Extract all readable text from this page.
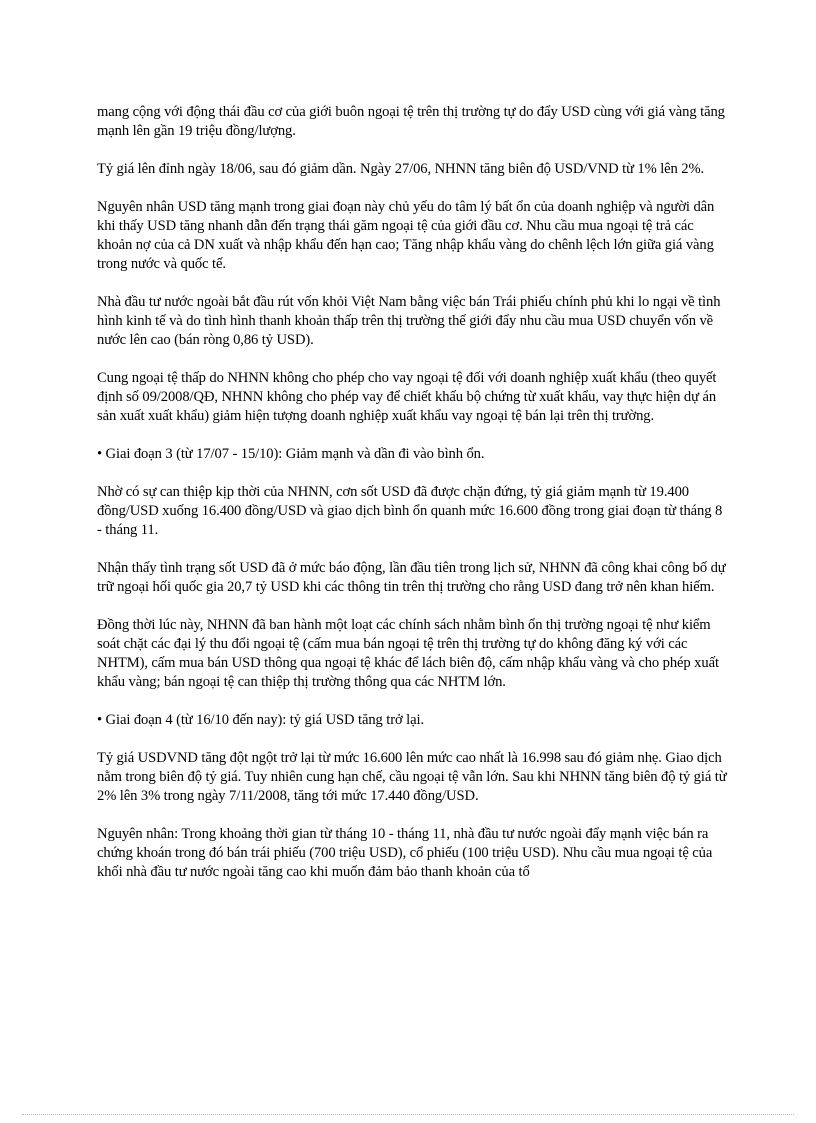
mang cộng với động thái đầu cơ của giới buôn ngoại tệ trên thị trường tự do đẩy USD cùng với giá vàng tăng mạnh lên gần 19 triệu đồng/lượng.

Tỷ giá lên đỉnh ngày 18/06, sau đó giảm dần. Ngày 27/06, NHNN tăng biên độ USD/VND từ 1% lên 2%.

Nguyên nhân USD tăng mạnh trong giai đoạn này chủ yếu do tâm lý bất ổn của doanh nghiệp và người dân khi thấy USD tăng nhanh dẫn đến trạng thái găm ngoại tệ của giới đầu cơ. Nhu cầu mua ngoại tệ trả các khoản nợ của cả DN xuất và nhập khẩu đến hạn cao; Tăng nhập khẩu vàng do chênh lệch lớn giữa giá vàng trong nước và quốc tế.

Nhà đầu tư nước ngoài bắt đầu rút vốn khỏi Việt Nam bằng việc bán Trái phiếu chính phủ khi lo ngại về tình hình kinh tế và do tình hình thanh khoản thấp trên thị trường thế giới đẩy nhu cầu mua USD chuyển vốn về nước lên cao (bán ròng 0,86 tỷ USD).

Cung ngoại tệ thấp do NHNN không cho phép cho vay ngoại tệ đối với doanh nghiệp xuất khẩu (theo quyết định số 09/2008/QĐ, NHNN không cho phép vay để chiết khấu bộ chứng từ xuất khẩu, vay thực hiện dự án sản xuất xuất khẩu) giảm hiện tượng doanh nghiệp xuất khẩu vay ngoại tệ bán lại trên thị trường.

• Giai đoạn 3 (từ 17/07 - 15/10): Giảm mạnh và dần đi vào bình ổn.

Nhờ có sự can thiệp kịp thời của NHNN, cơn sốt USD đã được chặn đứng, tỷ giá giảm mạnh từ 19.400 đồng/USD xuống 16.400 đồng/USD và giao dịch bình ổn quanh mức 16.600 đồng trong giai đoạn từ tháng 8 - tháng 11.

Nhận thấy tình trạng sốt USD đã ở mức báo động, lần đầu tiên trong lịch sử, NHNN đã công khai công bố dự trữ ngoại hối quốc gia 20,7 tỷ USD khi các thông tin trên thị trường cho rằng USD đang trở nên khan hiếm.

Đồng thời lúc này, NHNN đã ban hành một loạt các chính sách nhằm bình ổn thị trường ngoại tệ như kiểm soát chặt các đại lý thu đổi ngoại tệ (cấm mua bán ngoại tệ trên thị trường tự do không đăng ký với các NHTM), cấm mua bán USD thông qua ngoại tệ khác để lách biên độ, cấm nhập khẩu vàng và cho phép xuất khẩu vàng; bán ngoại tệ can thiệp thị trường thông qua các NHTM lớn.

• Giai đoạn 4 (từ 16/10 đến nay): tỷ giá USD tăng trở lại.

Tỷ giá USDVND tăng đột ngột trở lại từ mức 16.600 lên mức cao nhất là 16.998 sau đó giảm nhẹ. Giao dịch nằm trong biên độ tỷ giá. Tuy nhiên cung hạn chế, cầu ngoại tệ vẫn lớn. Sau khi NHNN tăng biên độ tỷ giá từ 2% lên 3% trong ngày 7/11/2008, tăng tới mức 17.440 đồng/USD.

Nguyên nhân: Trong khoảng thời gian từ tháng 10 - tháng 11, nhà đầu tư nước ngoài đẩy mạnh việc bán ra chứng khoán trong đó bán trái phiếu (700 triệu USD), cổ phiếu (100 triệu USD). Nhu cầu mua ngoại tệ của khối nhà đầu tư nước ngoài tăng cao khi muốn đảm bảo thanh khoản của tổ
